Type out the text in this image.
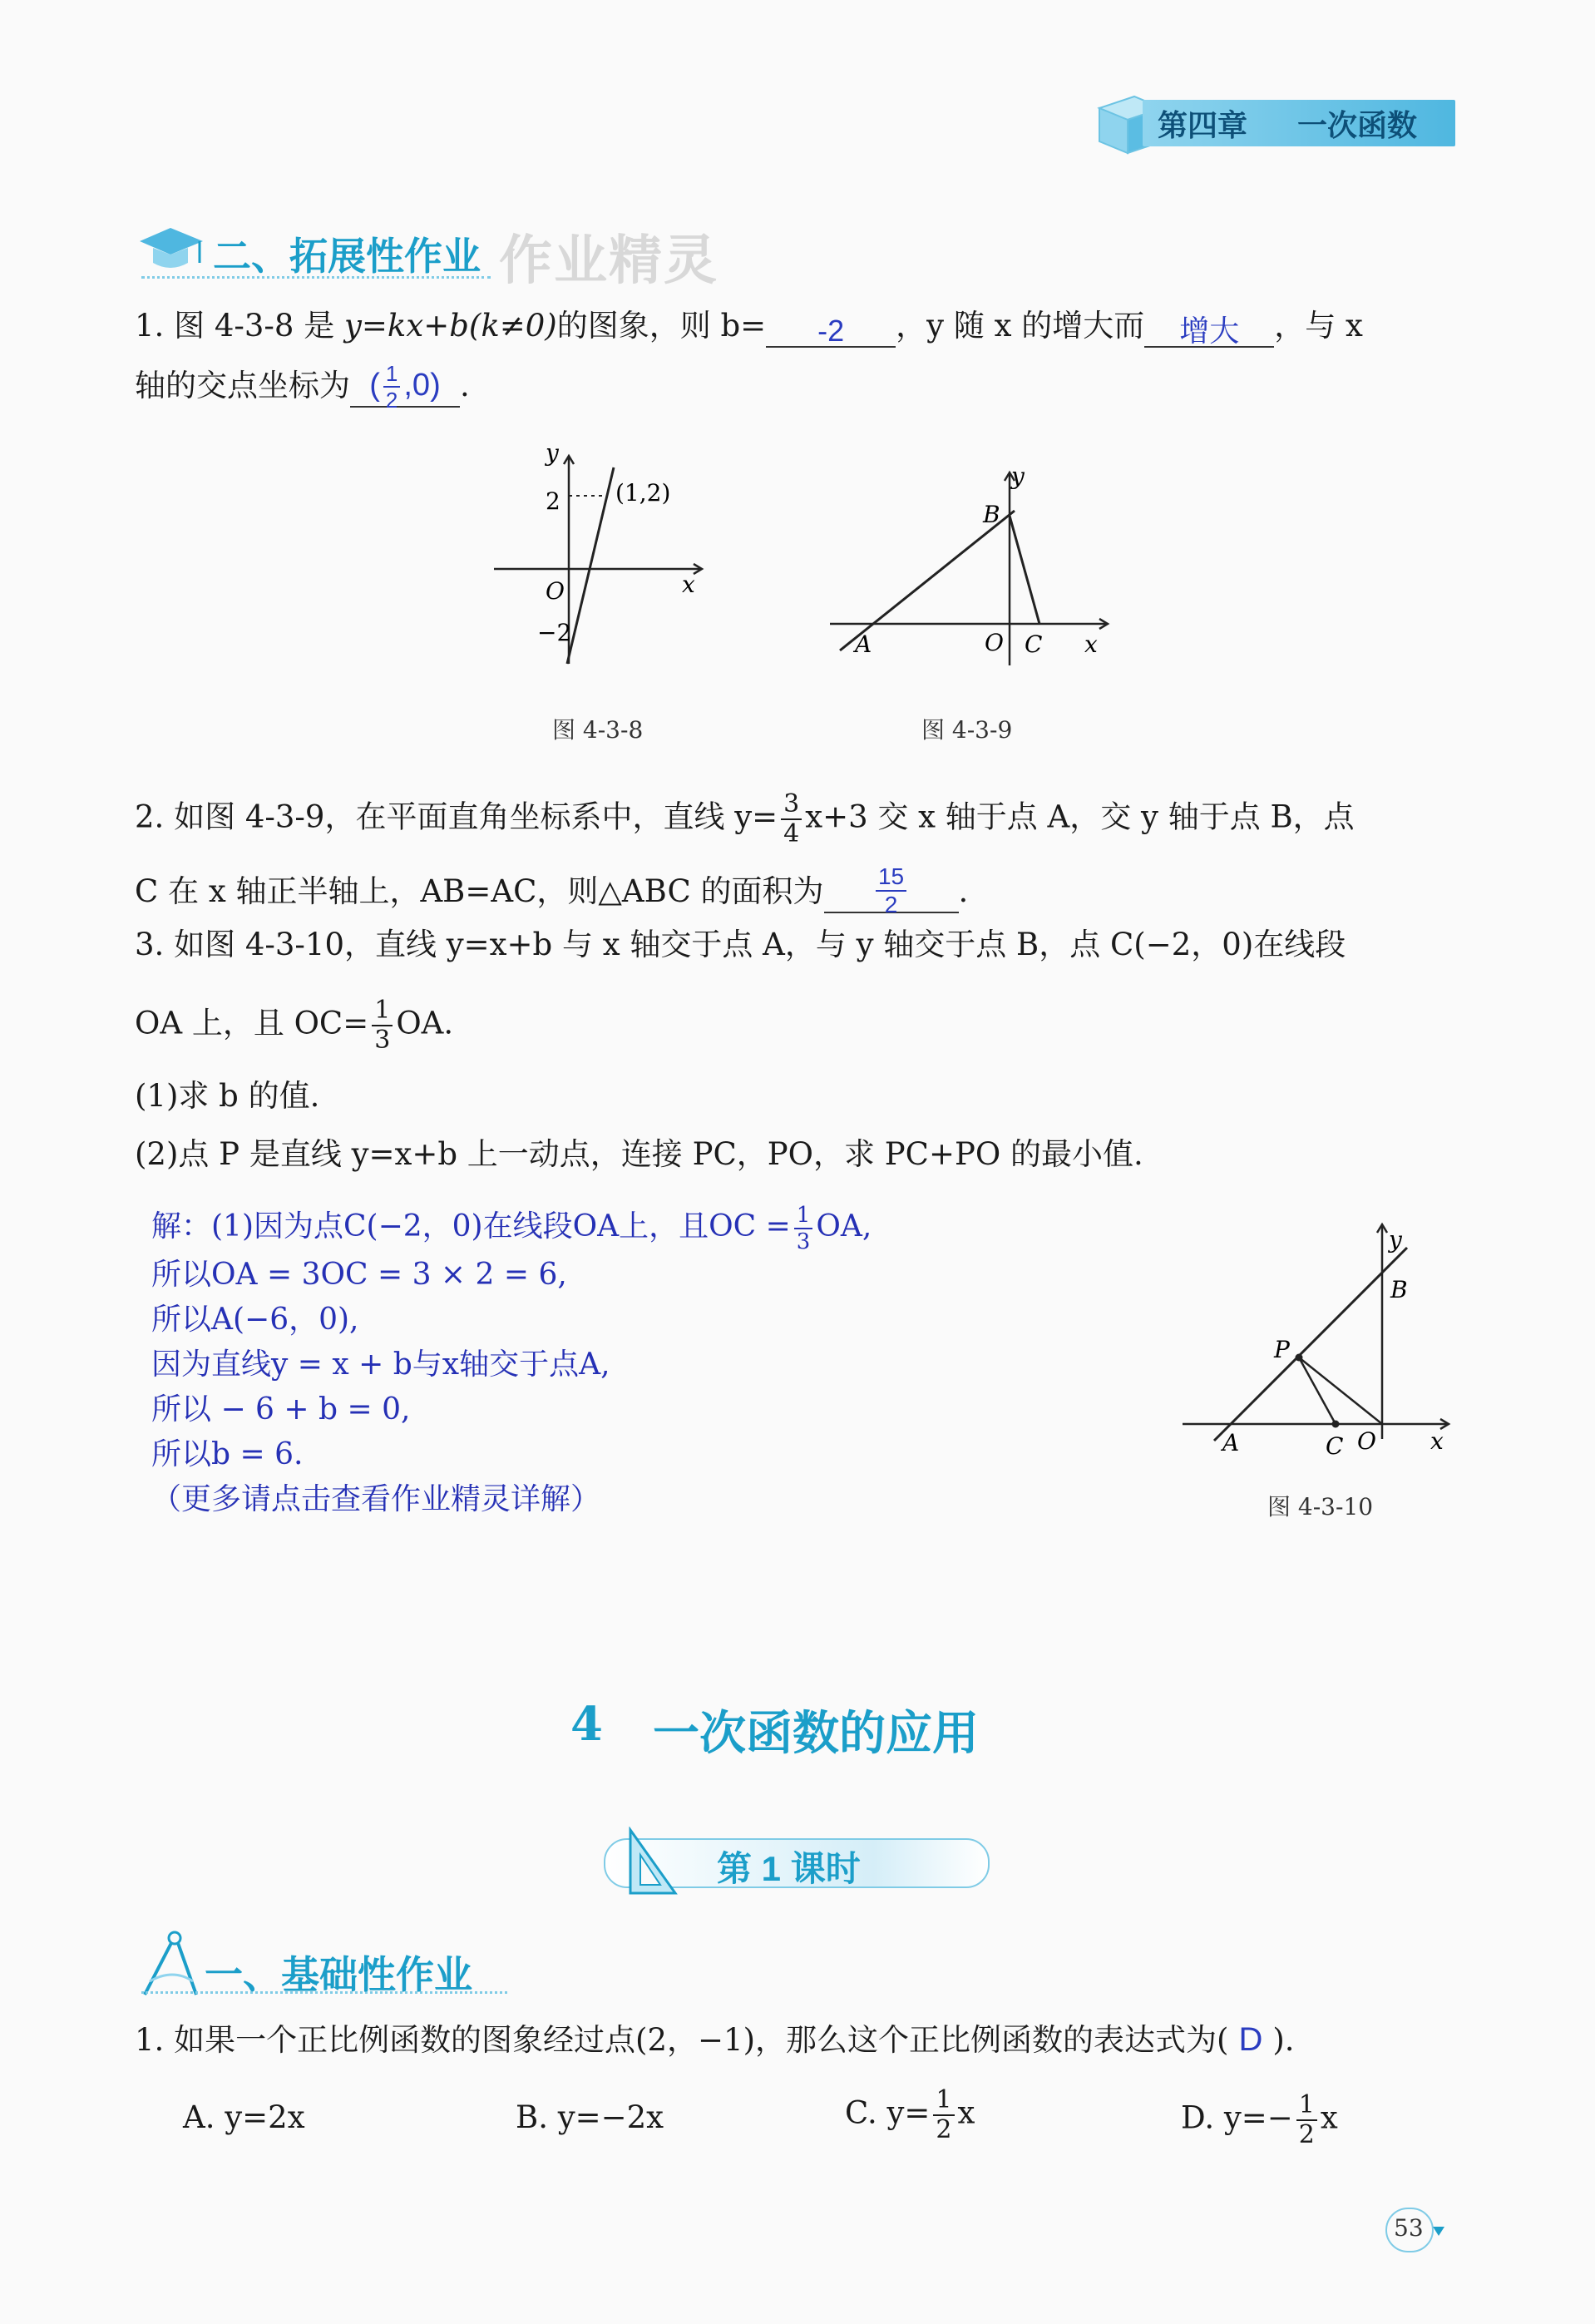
第四章 一次函数
二、拓展性作业 作业精灵
1. 图 4-3-8 是 y=kx+b(k≠0)的图象，则 b= -2 ，y 随 x 的增大而 增大 ，与 x
轴的交点坐标为 ( $\frac{1}{2} ,0$) .
2
−2
(1,2)
O	x
y
图 4-3-8
B
y
A	O C x
图 4-3-9
2. 如图 4-3-9，在平面直角坐标系中，直线 $y= \frac{3}{4} x+3$ 交 x 轴于点 A，交 y 轴于点 B，点
C 在 x 轴正半轴上，AB=AC，则△ABC 的面积为 $\frac{15}{2}$ .
3. 如图 4-3-10，直线 y=x+b 与 x 轴交于点 A，与 y 轴交于点 B，点 C(−2，0)在线段
OA 上，且 $OC= \frac{1}{3}$ OA.
(1)求 b 的值.
(2)点 P 是直线 y=x+b 上一动点，连接 PC，PO，求 PC+PO 的最小值.
解：(1)因为点C(−2，0)在线段OA上，且OC = $\frac{1}{3}$ OA,
所以OA = 3OC = 3 × 2 = 6,
所以A(−6，0),
因为直线y = x + b与x轴交于点A,
所以 − 6 + b = 0,
所以b = 6.
（更多请点击查看作业精灵详解）
y
B
P
A	C O x
图 4-3-10
4 一次函数的应用
第 1 课时
一、基础性作业
1. 如果一个正比例函数的图象经过点(2，−1)，那么这个正比例函数的表达式为( D ).
A. y=2x	B. y=−2x	C. $y= \frac{1}{2}$ x	D. $y=- \frac{1}{2}$ x
53
